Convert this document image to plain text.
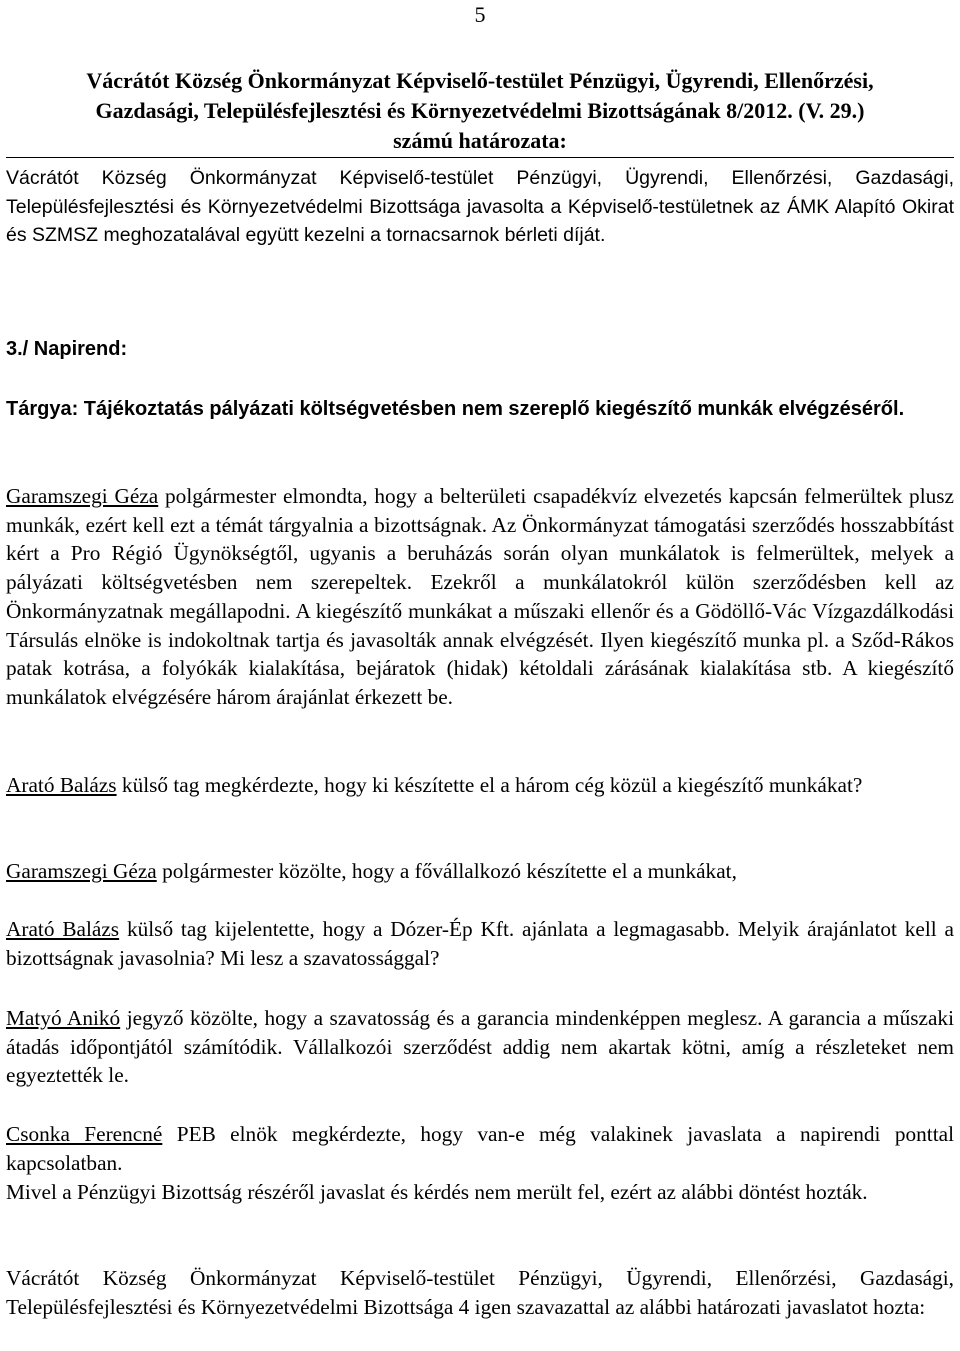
5
Vácrátót Község Önkormányzat Képviselő-testület Pénzügyi, Ügyrendi, Ellenőrzési,
Gazdasági, Településfejlesztési és Környezetvédelmi Bizottságának 8/2012. (V. 29.)
számú határozata:

Vácrátót Község Önkormányzat Képviselő-testület Pénzügyi, Ügyrendi, Ellenőrzési, Gazdasági, Településfejlesztési és Környezetvédelmi Bizottsága javasolta a Képviselő-testületnek az ÁMK Alapító Okirat és SZMSZ meghozatalával együtt kezelni a tornacsarnok bérleti díját.

3./ Napirend:

Tárgya: Tájékoztatás pályázati költségvetésben nem szereplő kiegészítő munkák elvégzéséről.

Garamszegi Géza polgármester elmondta, hogy a belterületi csapadékvíz elvezetés kapcsán felmerültek plusz munkák, ezért kell ezt a témát tárgyalnia a bizottságnak. Az Önkormányzat támogatási szerződés hosszabbítást kért a Pro Régió Ügynökségtől, ugyanis a beruházás során olyan munkálatok is felmerültek, melyek a pályázati költségvetésben nem szerepeltek. Ezekről a munkálatokról külön szerződésben kell az Önkormányzatnak megállapodni. A kiegészítő munkákat a műszaki ellenőr és a Gödöllő-Vác Vízgazdálkodási Társulás elnöke is indokoltnak tartja és javasolták annak elvégzését. Ilyen kiegészítő munka pl. a Sződ-Rákos patak kotrása, a folyókák kialakítása, bejáratok (hidak) kétoldali zárásának kialakítása stb. A kiegészítő munkálatok elvégzésére három árajánlat érkezett be.

Arató Balázs külső tag megkérdezte, hogy ki készítette el a három cég közül a kiegészítő munkákat?

Garamszegi Géza polgármester közölte, hogy a fővállalkozó készítette el a munkákat,

Arató Balázs külső tag kijelentette, hogy a Dózer-Ép Kft. ajánlata a legmagasabb. Melyik árajánlatot kell a bizottságnak javasolnia? Mi lesz a szavatossággal?

Matyó Anikó jegyző közölte, hogy a szavatosság és a garancia mindenképpen meglesz. A garancia a műszaki átadás időpontjától számítódik. Vállalkozói szerződést addig nem akartak kötni, amíg a részleteket nem egyeztették le.

Csonka Ferencné PEB elnök megkérdezte, hogy van-e még valakinek javaslata a napirendi ponttal kapcsolatban.

Mivel a Pénzügyi Bizottság részéről javaslat és kérdés nem merült fel, ezért az alábbi döntést hozták.

Vácrátót Község Önkormányzat Képviselő-testület Pénzügyi, Ügyrendi, Ellenőrzési, Gazdasági, Településfejlesztési és Környezetvédelmi Bizottsága 4 igen szavazattal az alábbi határozati javaslatot hozta:
